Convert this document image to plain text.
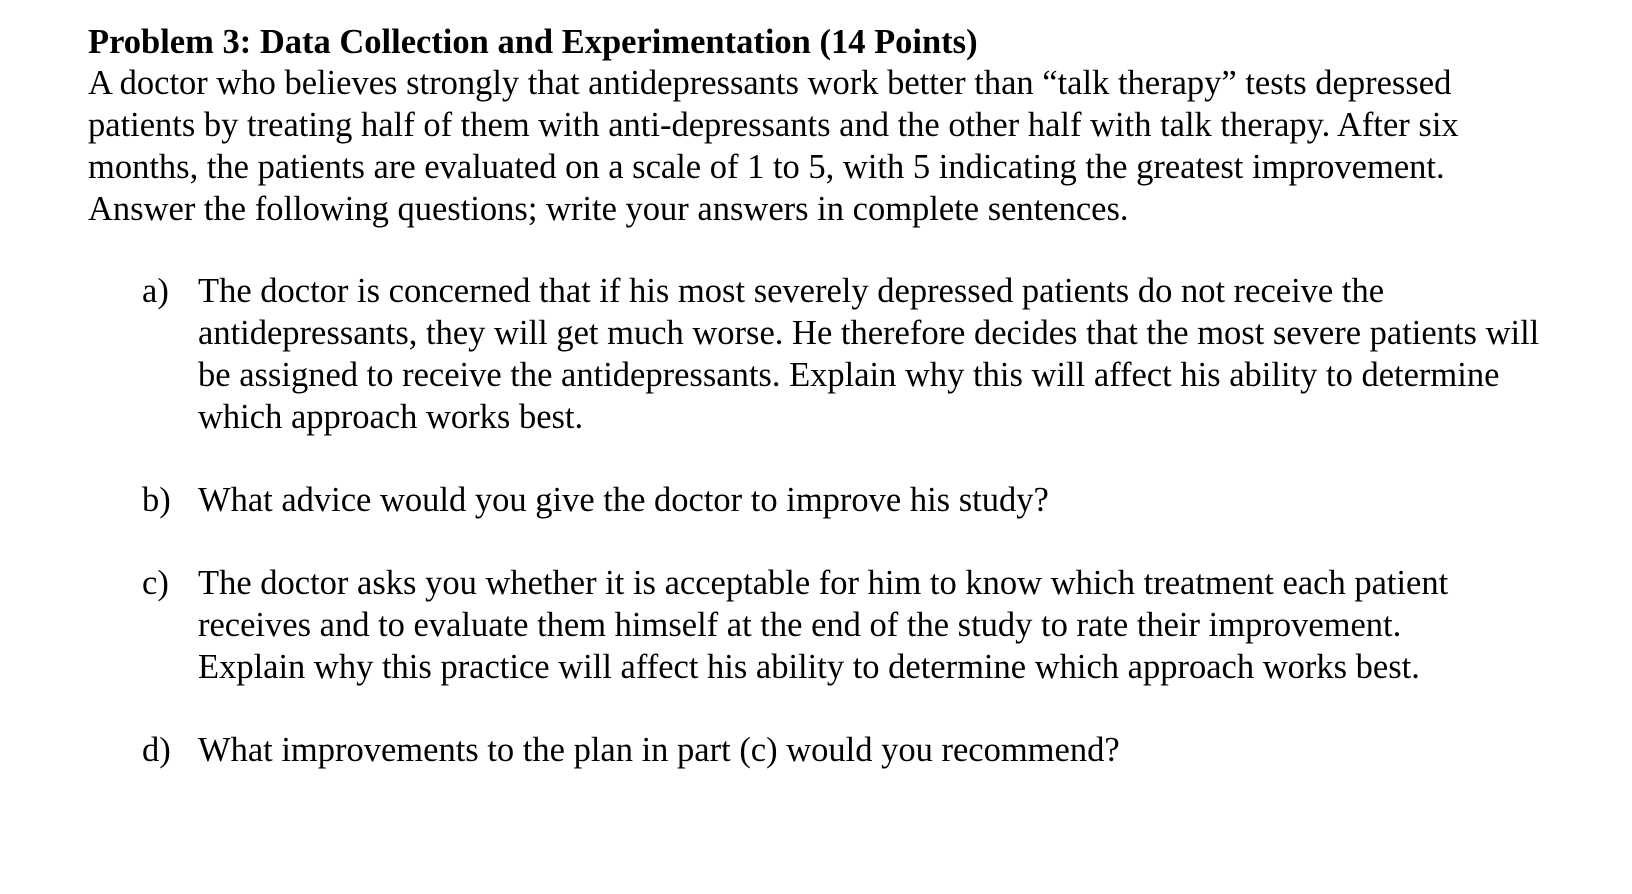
Problem 3: Data Collection and Experimentation (14 Points)

A doctor who believes strongly that antidepressants work better than “talk therapy” tests depressed patients by treating half of them with anti-depressants and the other half with talk therapy. After six months, the patients are evaluated on a scale of 1 to 5, with 5 indicating the greatest improvement. Answer the following questions; write your answers in complete sentences.

a) The doctor is concerned that if his most severely depressed patients do not receive the antidepressants, they will get much worse. He therefore decides that the most severe patients will be assigned to receive the antidepressants. Explain why this will affect his ability to determine which approach works best.
b) What advice would you give the doctor to improve his study?
c) The doctor asks you whether it is acceptable for him to know which treatment each patient receives and to evaluate them himself at the end of the study to rate their improvement. Explain why this practice will affect his ability to determine which approach works best.
d) What improvements to the plan in part (c) would you recommend?
